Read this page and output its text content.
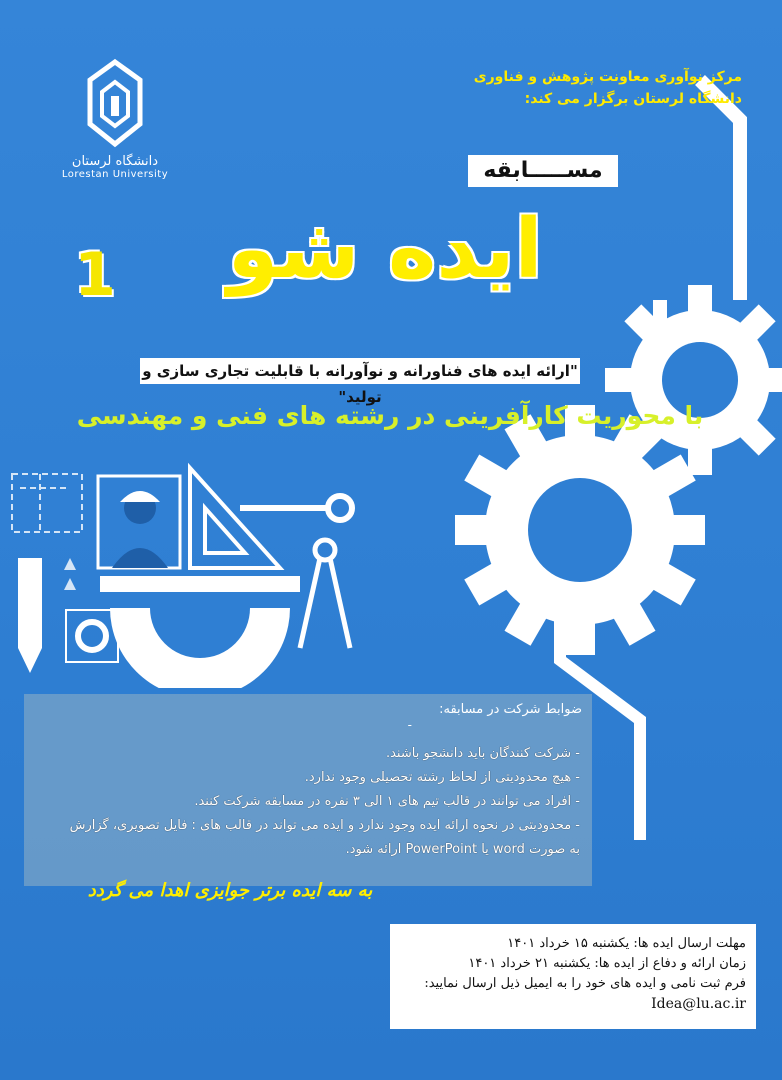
دانشگاه لرستان
Lorestan University
مرکز نوآوری معاونت پژوهش و فناوری
دانشگاه لرستان برگزار می کند:
مســـــابقه
ایده شو
1
"ارائه ایده های فناورانه و نوآورانه با قابلیت تجاری سازی و تولید"
با محوریت کارآفرینی در رشته های فنی و مهندسی
ضوابط شرکت در مسابقه:
-
- شرکت کنندگان باید دانشجو باشند.
- هیچ محدودیتی از لحاظ رشته تحصیلی وجود ندارد.
- افراد می توانند در قالب تیم های ۱ الی ۳ نفره در مسابقه شرکت کنند.
- محدودیتی در نحوه ارائه ایده وجود ندارد و ایده می تواند در قالب های : فایل تصویری، گزارش
به صورت word یا PowerPoint ارائه شود.
به سه ایده برتر جوایزی اهدا می گردد
مهلت ارسال ایده ها: یکشنبه ۱۵ خرداد ۱۴۰۱
زمان ارائه و دفاع از ایده ها: یکشنبه ۲۱ خرداد ۱۴۰۱
فرم ثبت نامی و ایده های خود را به ایمیل ذیل ارسال نمایید:
Idea@lu.ac.ir
